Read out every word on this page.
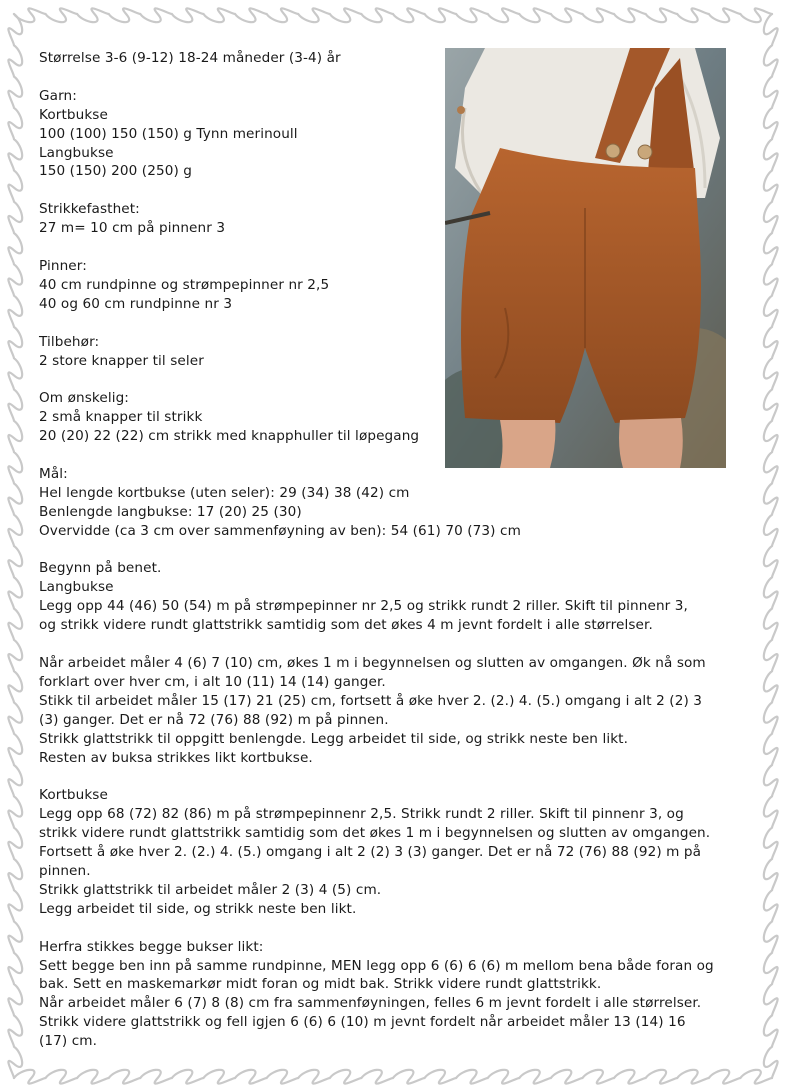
Størrelse 3-6 (9-12) 18-24 måneder (3-4) år

Garn:

Kortbukse

100 (100) 150 (150) g Tynn merinoull

Langbukse

150 (150) 200 (250) g

Strikkefasthet:

27 m= 10 cm på pinnenr 3

Pinner:

40 cm rundpinne og strømpepinner nr 2,5

40 og 60 cm rundpinne nr 3

Tilbehør:

2 store knapper til seler

Om ønskelig:

2 små knapper til strikk

20 (20) 22 (22) cm strikk med knapphuller til løpegang

Mål:

Hel lengde kortbukse (uten seler): 29 (34) 38 (42) cm

Benlengde langbukse: 17 (20) 25 (30)

Overvidde (ca 3 cm over sammenføyning av ben): 54 (61) 70 (73) cm

Begynn på benet.

Langbukse

Legg opp 44 (46) 50 (54) m på strømpepinner nr 2,5 og strikk rundt 2 riller. Skift til pinnenr 3,

og strikk videre rundt glattstrikk samtidig som det økes 4 m jevnt fordelt i alle størrelser.

Når arbeidet måler 4 (6) 7 (10) cm, økes 1 m i begynnelsen og slutten av omgangen. Øk nå som

forklart over hver cm, i alt 10 (11) 14 (14) ganger.

Stikk til arbeidet måler 15 (17) 21 (25) cm, fortsett å øke hver 2. (2.) 4. (5.) omgang i alt 2 (2) 3

(3) ganger. Det er nå 72 (76) 88 (92) m på pinnen.

Strikk glattstrikk til oppgitt benlengde. Legg arbeidet til side, og strikk neste ben likt.

Resten av buksa strikkes likt kortbukse.

Kortbukse

Legg opp 68 (72) 82 (86) m på strømpepinnenr 2,5. Strikk rundt 2 riller. Skift til pinnenr 3, og

strikk videre rundt glattstrikk samtidig som det økes 1 m i begynnelsen og slutten av omgangen.

Fortsett å øke hver 2. (2.) 4. (5.) omgang i alt 2 (2) 3 (3) ganger. Det er nå 72 (76) 88 (92) m på

pinnen.

Strikk glattstrikk til arbeidet måler 2 (3) 4 (5) cm.

Legg arbeidet til side, og strikk neste ben likt.

Herfra stikkes begge bukser likt:

Sett begge ben inn på samme rundpinne, MEN legg opp 6 (6) 6 (6) m mellom bena både foran og

bak. Sett en maskemarkør midt foran og midt bak. Strikk videre rundt glattstrikk.

Når arbeidet måler 6 (7) 8 (8) cm fra sammenføyningen, felles 6 m jevnt fordelt i alle størrelser.

Strikk videre glattstrikk og fell igjen 6 (6) 6 (10) m jevnt fordelt når arbeidet måler 13 (14) 16

(17) cm.
